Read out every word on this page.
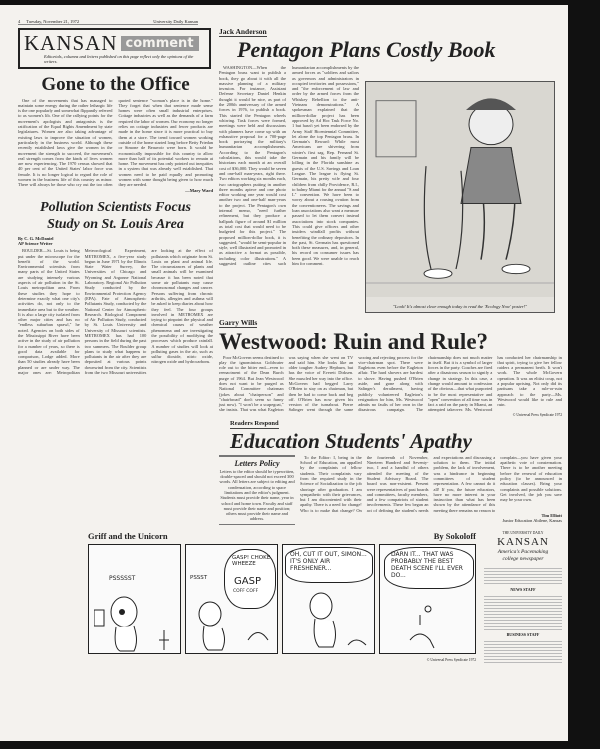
4 Tuesday, November 21, 1972	University Daily Kansan
KANSAN comment
Editorials, columns and letters published on this page reflect only the opinions of the writers.
Gone to the Office

One of the movements that has managed to maintain some energy during the rather lethargic life is the one popularly and somewhat flippantly referred to as women's lib. One of the rallying points for the movement's apologists and antagonists is the ratification of the Equal Rights Amendment by state legislatures. Women are also taking advantage of existing laws to improve the situation of women, particularly in the business world. Although these recently established laws give the women in the movement the strength to succeed, the movement's real strength comes from the kinds of lives women are now experiencing. The 1970 census showed that 40 per cent of the United States' labor force was female. It is no longer logical to regard the role of women in the business life of this country as minor. There will always be those who cry out the too often quoted sentence "woman's place is in the home." They forget that when that sentence made sense homes were often small industrial enterprises. Cottage industries as well as the demands of a farm required the labor of women. Our economy no longer relies on cottage industries and fewer products are made in the home since it is more practical to buy them at a store. The trend toward women working outside of the home started long before Betty Friedan or Simone de Beauvoir were born. It would be economically impossible for this country to allow more than half of its potential workers to remain at home. The movement has only pointed out inequities in a system that was already well established. That women need to be paid equally and promoting women with some thought being given to how much they are needed.

—Mary Ward
Pollution Scientists Focus
Study on St. Louis Area
By C. G. McDaniel
AP Science Writer

BOULDER—St. Louis is being put under the microscope for the benefit of the world. Environmental scientists from many parts of the United States are studying intensely various aspects of air pollution in the St. Louis metropolitan area. From these studies they hope to determine exactly what one city's activities do, not only to the immediate area but to the weather. It is also a large city isolated from other major cities and has no "endless suburban sprawl," he noted. Agencies on both sides of the Mississippi River have been active in the study of air pollution for a number of years, so there is good data available for comparison, Lodge added. More than 50 studies already have been planned or are under way. The major ones are: Metropolitan Meteorological Experiment, METROMEX, a five-year study begun in June 1971 by the Illinois State Water Survey, the Universities of Chicago and Wyoming and Argonne National Laboratory. Regional Air Pollution Study conducted by the Environmental Protection Agency (EPA). Fate of Atmospheric Pollutants Study, conducted by the National Center for Atmospheric Research. Biological Component of Air Pollution Study, conducted by St. Louis University and University of Missouri scientists. METROMEX has had 100 persons in the field during the past two summers. The Boulder group plans to study what happens to pollutants in the air after they are deposited at various points downwind from the city. Scientists from the two Missouri universities are looking at the effect of pollutants which originate from St. Louis on plant and animal life. The circumstances of plants and small animals will be examined because it has been noted that some air pollutants may cause chromosomal changes and cancer. Persons suffering from chronic arthritis, allergies and asthma will be asked to keep diaries about how they feel. The four groups involved in METROMEX are trying to pinpoint the physical and chemical causes of weather phenomena and are investigating the possibility of modifying the processes which produce rainfall. A number of studies will look at polluting gases in the air, such as sulfur dioxide, nitric oxide, nitrogen oxide and hydrocarbons.

Jack Anderson
Pentagon Plans Costly Book

WASHINGTON—When the Pentagon brass want to publish a book, they go about it with all the massive planning of a military invasion. For instance, Assistant Defense Secretary Daniel Henkin thought it would be nice, as part of the 200th anniversary of the armed forces in 1976, to publish a book. This started the Pentagon wheels whirring. Task forces were formed, meetings were held and discussions with planners have come up with an exhaustive proposal for a 700-page book portraying the military's humanitarian accomplishments. According to the Pentagon's calculations, this would take the historians each month at an overall cost of $36,000. They would be seven and one-half man-years, right there. Two editors working six months each, two cartographers putting in another three months apiece and one photo editor working one year would cost another two and one-half man-years to the project. The Pentagon's own internal memo, "need further refinement, but they produce a ballpark figure of around $1 million as total cost that would need to be budgeted for this project." The proposed million-dollar book, it is suggested, "would be semi-popular in style, well illustrated and promoted in as attractive a format as possible, including color illustrations." A suggested outline cites such humanitarian accomplishments by the armed forces as "soldiers and sailors as governors and administrators in occupied territories and possessions," and "the enforcement of law and order by the armed forces from the Whiskey Rebellion to the anti-Vietnam demonstrations." A spokesman explained that the million-dollar project has been approved by Ad Hoc Task Force No. 1 but hasn't yet been endorsed by the Army Staff Bicentennial Committee, let alone the top Pentagon brass. In Germain's Reward: While most Americans are shivering from winter's first sag, Rep. Fernand St. Germain and his family will be lolling in the Florida sunshine as guests of the U.S. Savings and Loan League. The league is flying St. Germain, his pretty wife and four children from chilly Providence, R.I., to balmy Miami for the annual "S and L" convention. We have been to worry about a rousing ovation from the conventioneers. The savings and loan associations also want a measure passed to let them convert instead associations into stock companies. This could give officers and other insiders windfall profits without benefiting the ordinary depositors. In the past, St. Germain has questioned both these measures, and, in general, his record on consumer issues has been good. We were unable to reach him for comment.

"Look! It's almost clear enough today to read the 'Ecology Now' poster!"
Garry Wills
Westwood: Ruin and Rule?

Poor McGovern seems destined to play the ignominious Goldwater role out to the bitter end—even to reenactment of the Dean Burch purge of 1964. But Jean Westwood does not want to be purged as National Committee chairman (jokes about "chairperson" and "chairbroad" don't seem so funny just now). "I won't be a scapegoat," she insists. That was what Eagleton was saying when she went on TV and said him. She looks like an older tougher Audrey Hepburn, but has the voice of Everett Dirksen. She muscled her way into the office. McGovern had begged Larry O'Brien to stay on as chairman, but then he had to come back and beg off. O'Brien has now given his version of the turnabout. Pierre Salinger went through the same wooing and rejecting process for the vice-chairman spot. There were Eagletons even before the Eagleton affair. The hard shovers are hardest to shove. Having pushed O'Brien aside, and gone along with Salinger's derailment, having publicly volunteered Eagleton's resignation for him, Ms. Westwood admits no faults of her own in the disastrous campaign. The chairmanship does not much matter in itself. But it is a symbol of larger forces in the party. Coaches are fired after a disastrous season to signify a change in strategy. In this case, a change would amount to confession of the obvious—that what purported to be the most representative and "open" convention of all time was in fact a raid on the party in Miami, an attempted takeover. Ms. Westwood has conducted her chairmanship in that spirit, trying to give her fellow raiders a permanent berth. It won't work. The whole McGovern operation. It was an elitist coup, not a popular uprising. Not only did its partisans take a rule-or-ruin approach to the party—Ms. Westwood would like to rule and ruin.

© Universal Press Syndicate 1972
Readers Respond
Education Students' Apathy
Letters Policy
Letters to the editor should be typewritten, double-spaced and should not exceed 300 words. All letters are subject to editing and condensation, according to space limitations and the editor's judgment. Students must provide their name, year in school and home town. Faculty and staff must provide their name and position; others must provide their name and address.

To the Editor: I, being in the School of Education, am appalled by the complaints of fellow students. Their complaints vary from the required study in the Science of Socialization to the job shortage after graduation. I am sympathetic with their grievances, but I am discontented with their apathy. There is a need for change! Who is to make that change? On the fourteenth of November, Nineteen Hundred and Seventy-two, I and a handful of others attended the meeting of the Student Advisory Board. The board was non-existent. Present were representatives of past boards and committees, faculty members, and a few compatriots of student involvements. These few began an act of defining the student's needs and expectations and discussing a solution to them. The initial problem, the lack of involvement, was a hindrance in beginning committees of student representation. A few cannot do it all! If you, the future educators, have no more interest in your instruction than what has been shown by the attendance of this meeting there remains no reason to complain—you have given your apathetic vote of consternation. There is to be another meeting before the renewal of education policy (to be announced in education classes). Bring your complaints and possible solutions. Get involved, the job you save may be your own.

Tim Elliott
Junior Education Abilene, Kansas
Griff and the Unicorn	By Sokoloff
PSSSSST	PSSST
GASP! CHOKE WHEEZE
GASP
COFF COFF
OH, CUT IT OUT, SIMON... IT'S ONLY AIR FRESHENER...
DARN IT... THAT WAS PROBABLY THE BEST DEATH SCENE I'LL EVER DO...
© Universal Press Syndicate 1972
THE UNIVERSITY DAILY
KANSAN
America's Pacemaking
college newspaper
NEWS STAFF
BUSINESS STAFF
